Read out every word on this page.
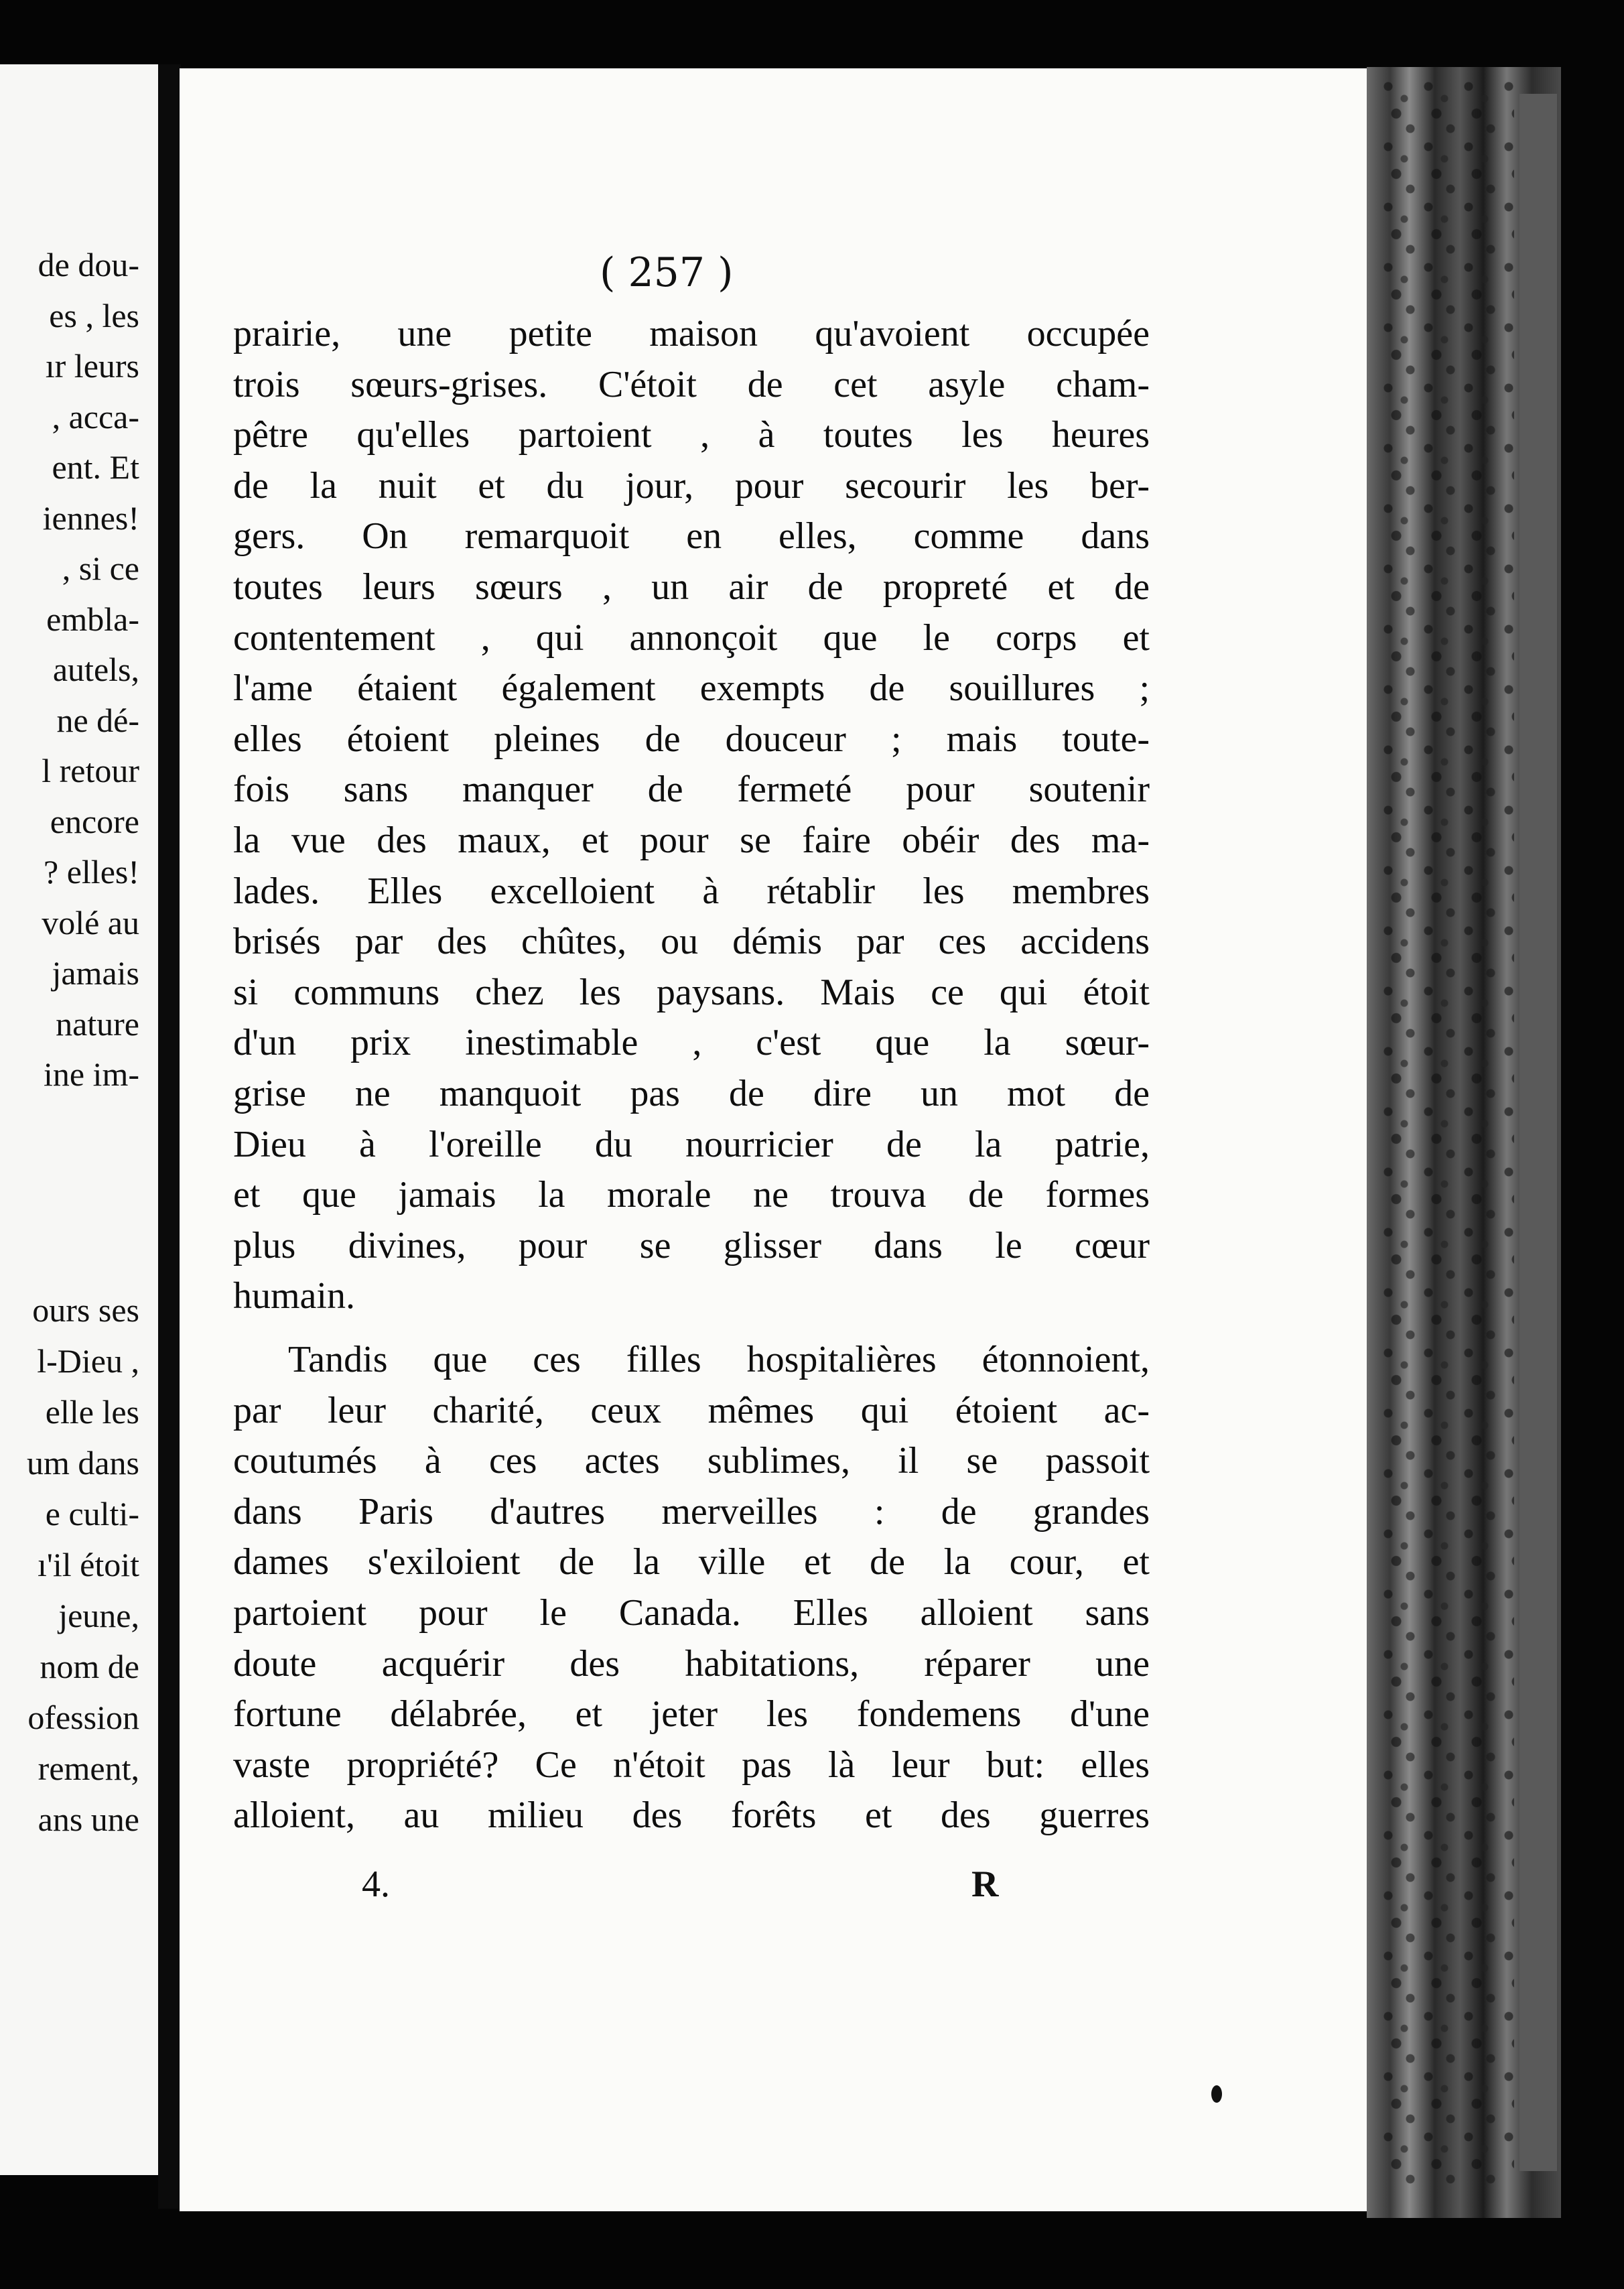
de dou-
es , les
ır leurs
, acca-
ent. Et
iennes!
, si ce
embla-
autels,
ne dé-
l retour
encore
? elles!
volé au
jamais
nature
ine im-
ours ses
l-Dieu ,
elle les
um dans
e culti-
ı'il étoit
jeune,
nom de
ofession
rement,
ans une
( 257 )
prairie, une petite maison qu'avoient occupée
trois sœurs-grises. C'étoit de cet asyle cham-
pêtre qu'elles partoient , à toutes les heures
de la nuit et du jour, pour secourir les ber-
gers. On remarquoit en elles, comme dans
toutes leurs sœurs , un air de propreté et de
contentement , qui annonçoit que le corps et
l'ame étaient également exempts de souillures ;
elles étoient pleines de douceur ; mais toute-
fois sans manquer de fermeté pour soutenir
la vue des maux, et pour se faire obéir des ma-
lades. Elles excelloient à rétablir les membres
brisés par des chûtes, ou démis par ces accidens
si communs chez les paysans. Mais ce qui étoit
d'un prix inestimable , c'est que la sœur-
grise ne manquoit pas de dire un mot de
Dieu à l'oreille du nourricier de la patrie,
et que jamais la morale ne trouva de formes
plus divines, pour se glisser dans le cœur
humain.
Tandis que ces filles hospitalières étonnoient,
par leur charité, ceux mêmes qui étoient ac-
coutumés à ces actes sublimes, il se passoit
dans Paris d'autres merveilles : de grandes
dames s'exiloient de la ville et de la cour, et
partoient pour le Canada. Elles alloient sans
doute acquérir des habitations, réparer une
fortune délabrée, et jeter les fondemens d'une
vaste propriété? Ce n'étoit pas là leur but: elles
alloient, au milieu des forêts et des guerres
4.	R
